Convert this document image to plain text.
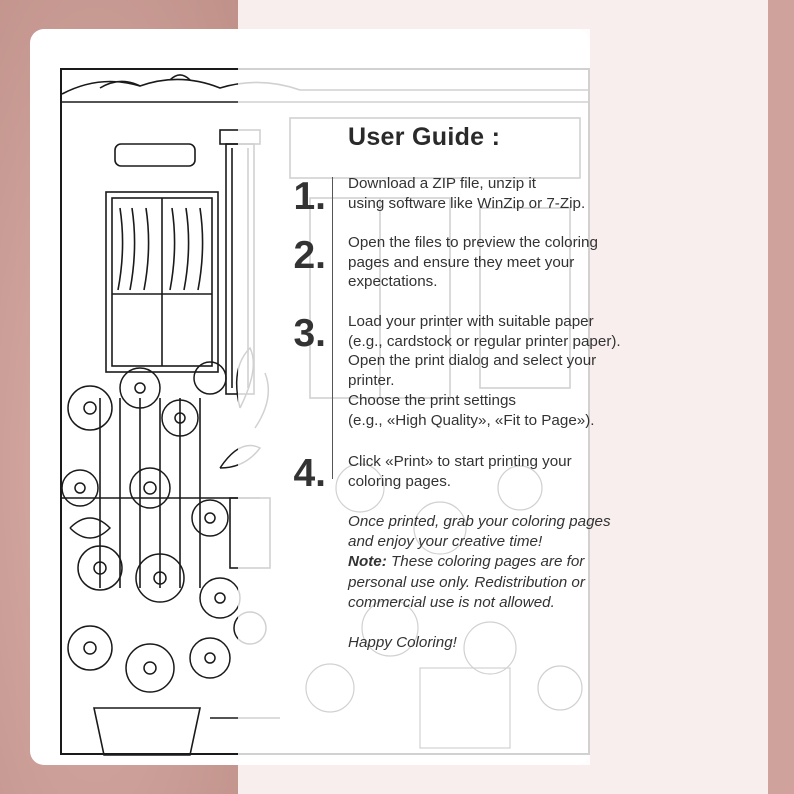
User Guide :
1. Download a ZIP file, unzip it
using software like WinZip or 7-Zip.
2. Open the files to preview the coloring
pages and ensure they meet your
expectations.
3. Load your printer with suitable paper
(e.g., cardstock or regular printer paper).
Open the print dialog and select your
printer.
Choose the print settings
(e.g., «High Quality», «Fit to Page»).
4. Click «Print» to start printing your
coloring pages.
Once printed, grab your coloring pages
and enjoy your creative time!
Note: These coloring pages are for
personal use only. Redistribution or
commercial use is not allowed.
Happy Coloring!
